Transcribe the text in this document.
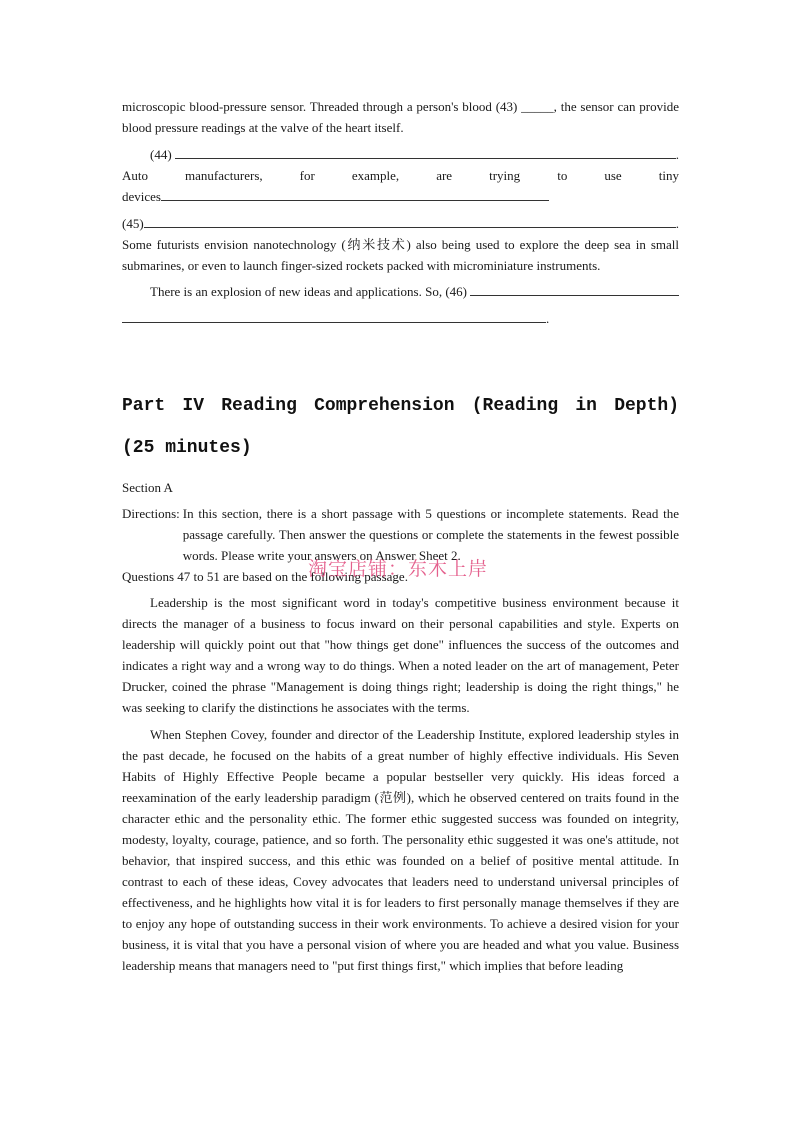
microscopic blood-pressure sensor. Threaded through a person's blood (43) _____, the sensor can provide blood pressure readings at the valve of the heart itself.

(44)	.
Auto	manufacturers,	for	example,	are	trying	to	use	tiny
devices
(45)	.

Some futurists envision nanotechnology (纳米技术) also being used to explore the deep sea in small submarines, or even to launch finger-sized rockets packed with microminiature instruments.

There is an explosion of new ideas and applications. So, (46)
.
Part IV Reading Comprehension (Reading in Depth) (25 minutes)

Section A

Directions: In this section, there is a short passage with 5 questions or incomplete statements. Read the passage carefully. Then answer the questions or complete the statements in the fewest possible words. Please write your answers on Answer Sheet 2.

Questions 47 to 51 are based on the following passage.

Leadership is the most significant word in today's competitive business environment because it directs the manager of a business to focus inward on their personal capabilities and style. Experts on leadership will quickly point out that "how things get done" influences the success of the outcomes and indicates a right way and a wrong way to do things. When a noted leader on the art of management, Peter Drucker, coined the phrase "Management is doing things right; leadership is doing the right things," he was seeking to clarify the distinctions he associates with the terms.

When Stephen Covey, founder and director of the Leadership Institute, explored leadership styles in the past decade, he focused on the habits of a great number of highly effective individuals. His Seven Habits of Highly Effective People became a popular bestseller very quickly. His ideas forced a reexamination of the early leadership paradigm (范例), which he observed centered on traits found in the character ethic and the personality ethic. The former ethic suggested success was founded on integrity, modesty, loyalty, courage, patience, and so forth. The personality ethic suggested it was one's attitude, not behavior, that inspired success, and this ethic was founded on a belief of positive mental attitude. In contrast to each of these ideas, Covey advocates that leaders need to understand universal principles of effectiveness, and he highlights how vital it is for leaders to first personally manage themselves if they are to enjoy any hope of outstanding success in their work environments. To achieve a desired vision for your business, it is vital that you have a personal vision of where you are headed and what you value. Business leadership means that managers need to "put first things first," which implies that before leading

淘宝店铺：东木上岸
